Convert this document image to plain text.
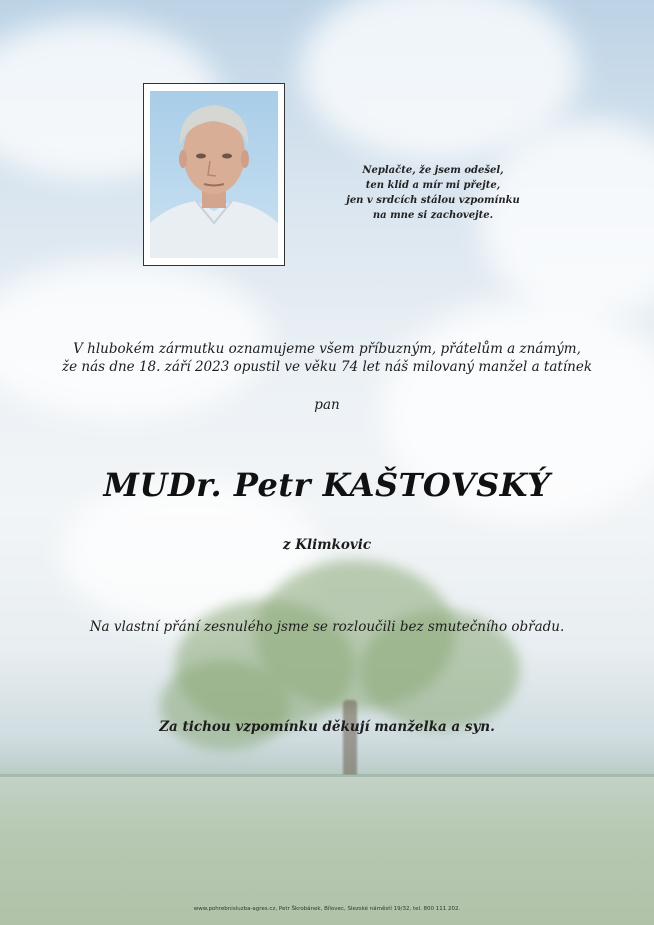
Neplačte, že jsem odešel,
ten klid a mír mi přejte,
jen v srdcích stálou vzpomínku
na mne si zachovejte.
V hlubokém zármutku oznamujeme všem příbuzným, přátelům a známým,
že nás dne 18. září 2023 opustil ve věku 74 let náš milovaný manžel a tatínek
pan
MUDr. Petr KAŠTOVSKÝ
z Klimkovic
Na vlastní přání zesnulého jsme se rozloučili bez smutečního obřadu.
Za tichou vzpomínku děkují manželka a syn.
www.pohrebnisluzba-agres.cz, Petr Škrobánek, Bílovec, Slezské náměstí 19/32, tel. 800 111 202.
